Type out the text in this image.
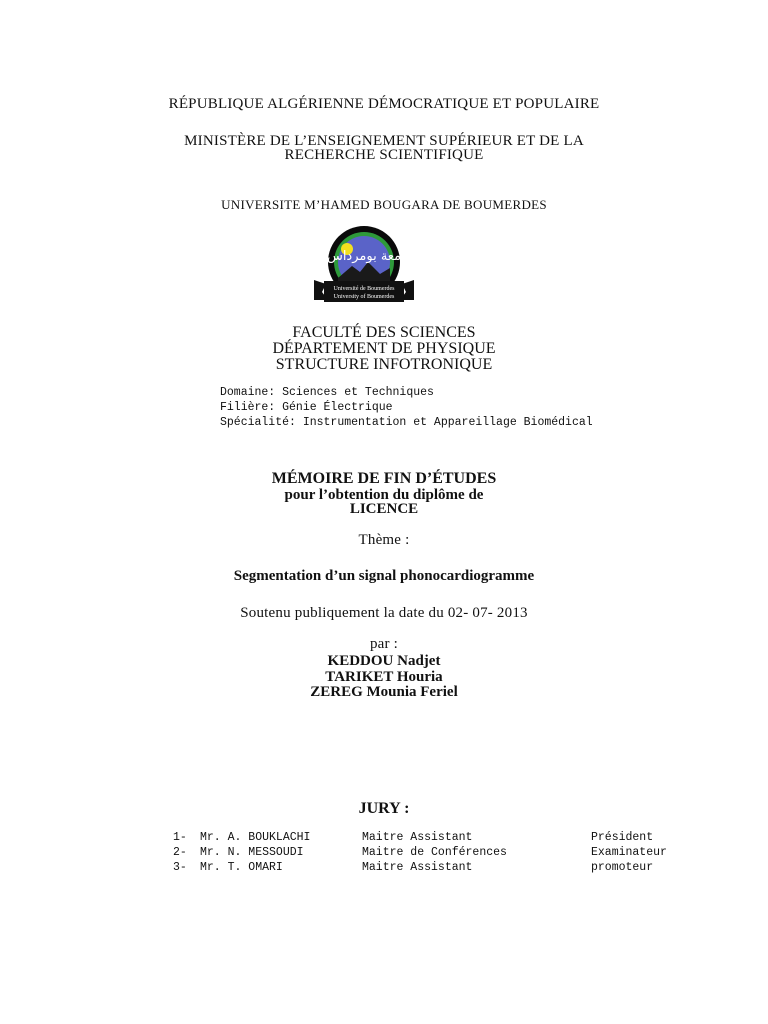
RÉPUBLIQUE ALGÉRIENNE DÉMOCRATIQUE ET POPULAIRE
MINISTÈRE DE L’ENSEIGNEMENT SUPÉRIEUR ET DE LA
RECHERCHE SCIENTIFIQUE
UNIVERSITE M’HAMED BOUGARA DE BOUMERDES
جامعة بومرداس
Université de Boumerdes
University of Boumerdes
FACULTÉ DES SCIENCES
DÉPARTEMENT DE PHYSIQUE
STRUCTURE INFOTRONIQUE
Domaine: Sciences et Techniques
Filière: Génie Électrique
Spécialité: Instrumentation et Appareillage Biomédical
MÉMOIRE DE FIN D’ÉTUDES
pour l’obtention du diplôme de
LICENCE
Thème :
Segmentation d’un signal phonocardiogramme
Soutenu publiquement la date du 02- 07- 2013
par :
KEDDOU Nadjet
TARIKET Houria
ZEREG Mounia Feriel
JURY :
1- Mr. A. BOUKLACHI	Maitre Assistant	Président
2- Mr. N. MESSOUDI	Maitre de Conférences	Examinateur
3- Mr. T. OMARI	Maitre Assistant	promoteur
